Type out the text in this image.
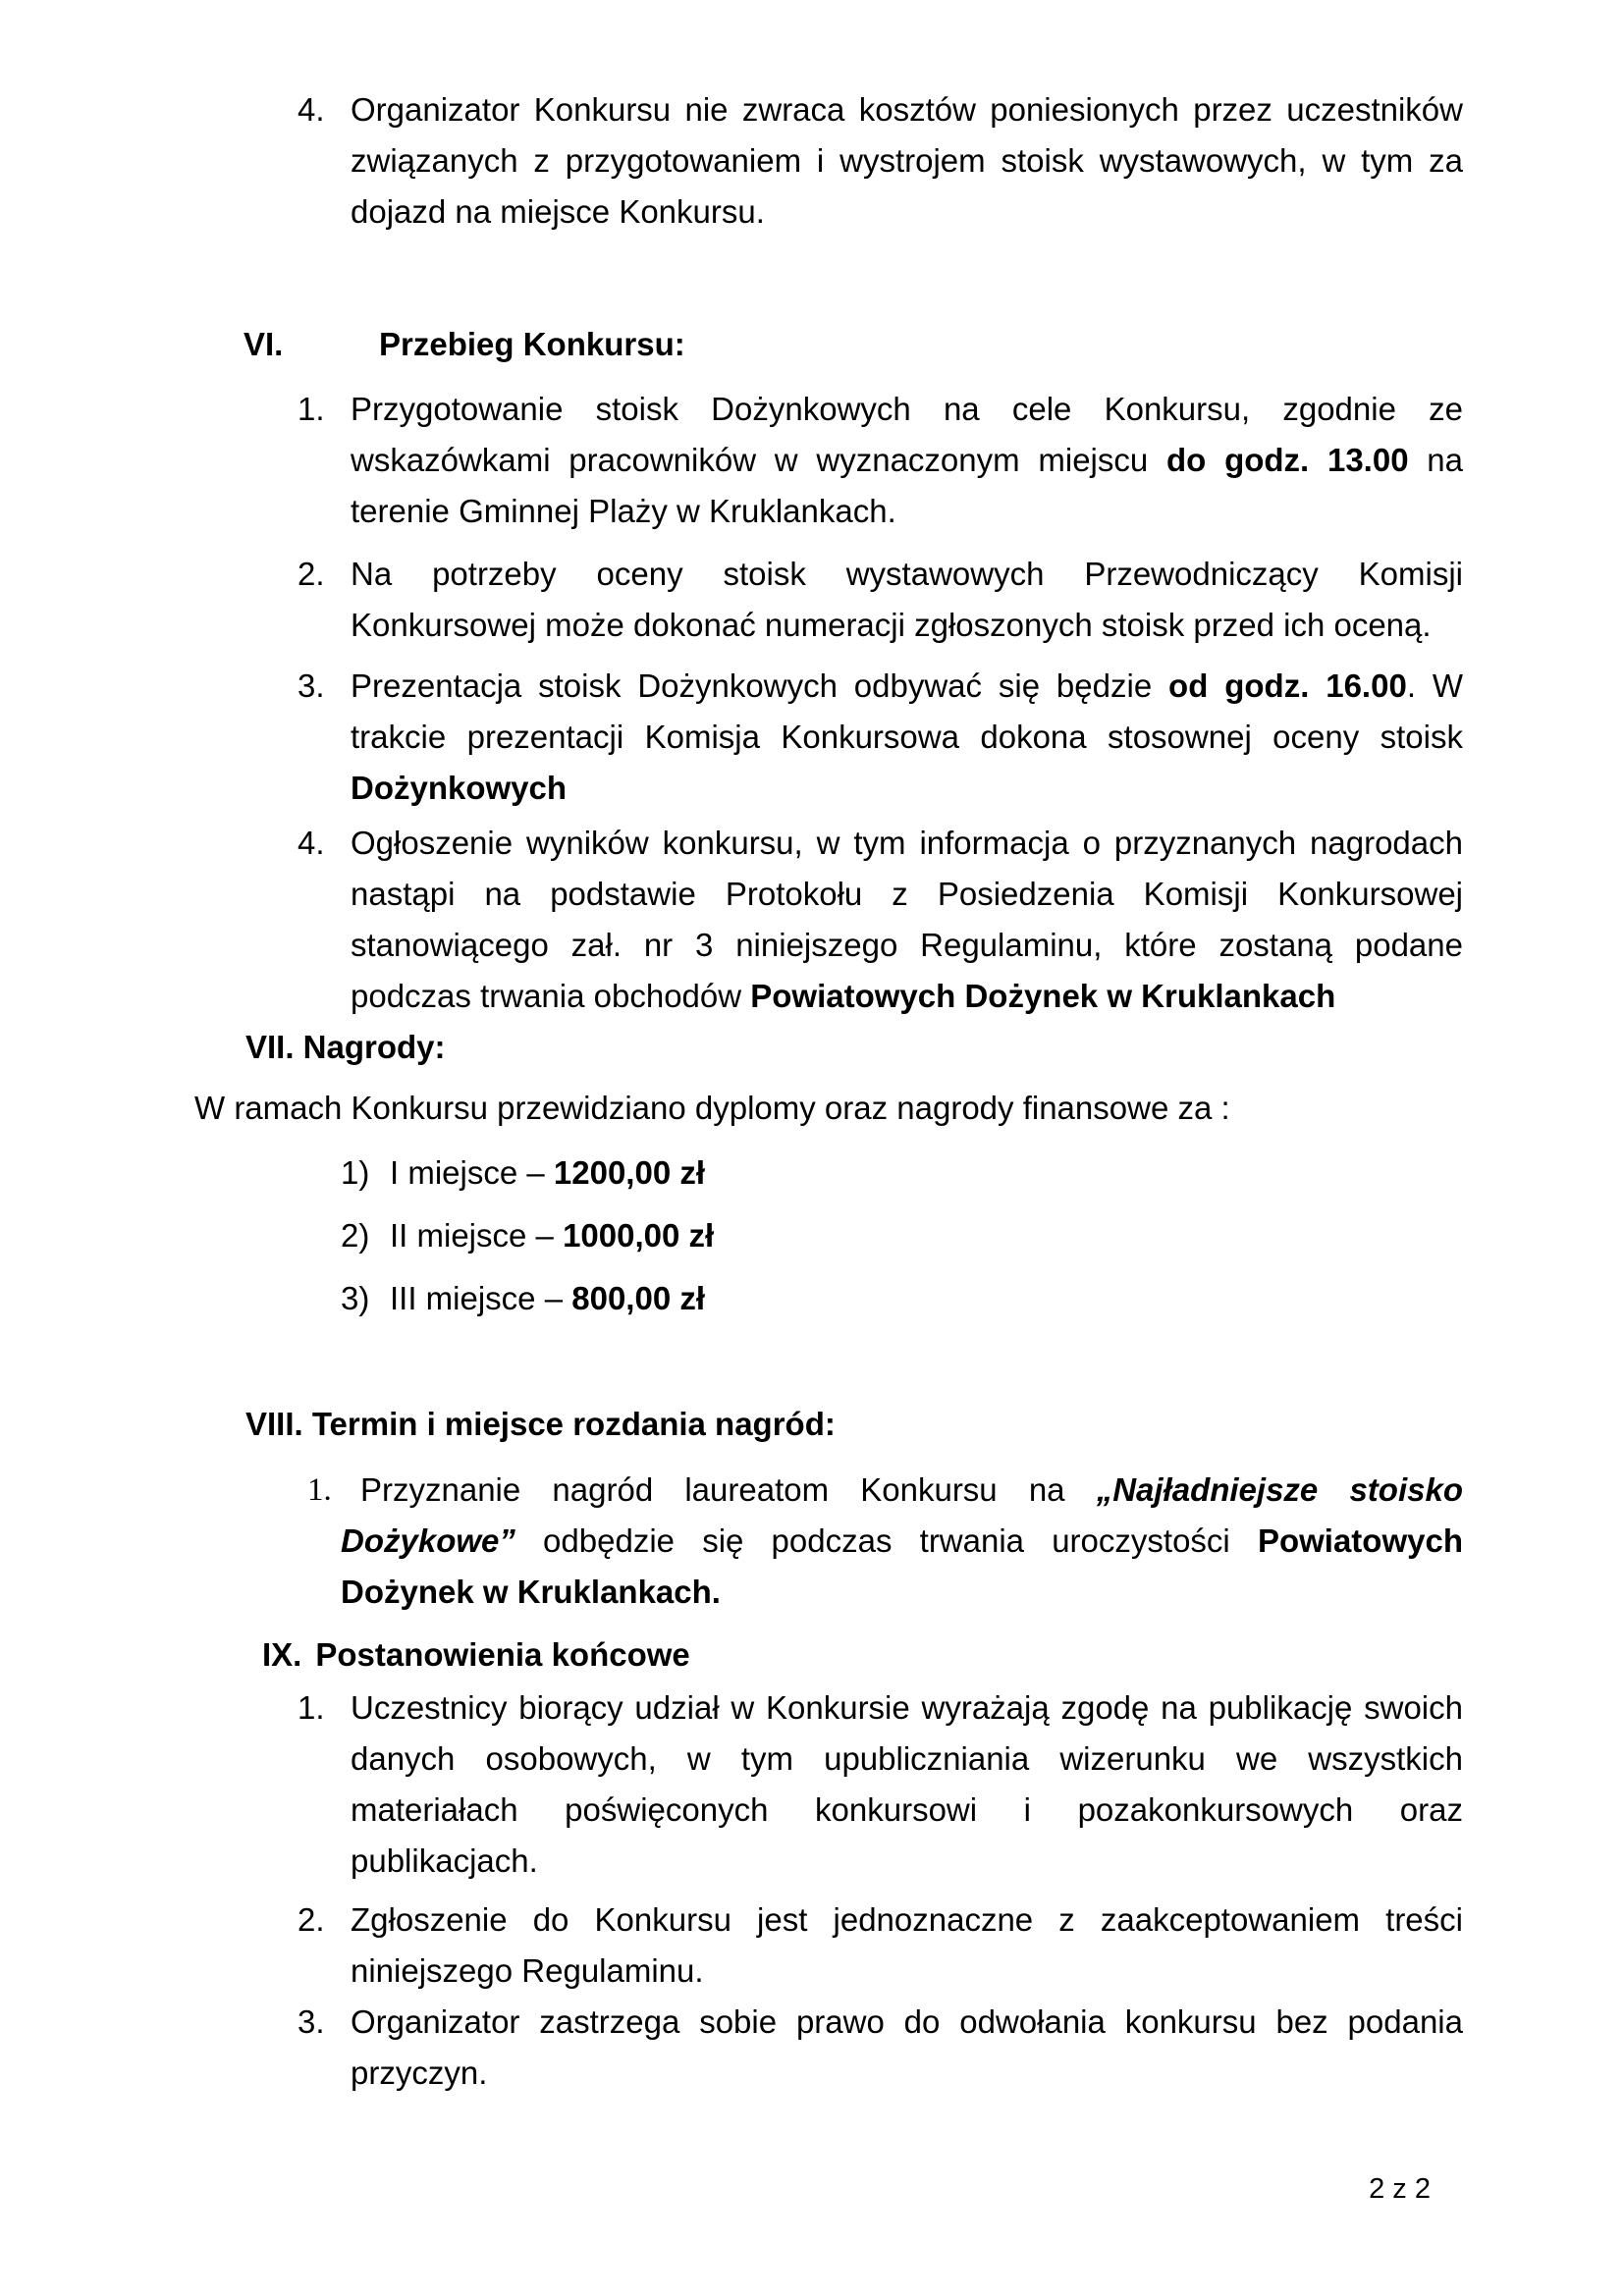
4. Organizator Konkursu nie zwraca kosztów poniesionych przez uczestników związanych z przygotowaniem i wystrojem stoisk wystawowych, w tym za dojazd na miejsce Konkursu.

VI.	Przebieg Konkursu:
1. Przygotowanie stoisk Dożynkowych na cele Konkursu, zgodnie ze wskazówkami pracowników w wyznaczonym miejscu do godz. 13.00 na terenie Gminnej Plaży w Kruklankach.

2. Na potrzeby oceny stoisk wystawowych Przewodniczący Komisji Konkursowej może dokonać numeracji zgłoszonych stoisk przed ich oceną.

3. Prezentacja stoisk Dożynkowych odbywać się będzie od godz. 16.00. W trakcie prezentacji Komisja Konkursowa dokona stosownej oceny stoisk Dożynkowych

4. Ogłoszenie wyników konkursu, w tym informacja o przyznanych nagrodach nastąpi na podstawie Protokołu z Posiedzenia Komisji Konkursowej stanowiącego zał. nr 3 niniejszego Regulaminu, które zostaną podane podczas trwania obchodów Powiatowych Dożynek w Kruklankach

VII. Nagrody:

W ramach Konkursu przewidziano dyplomy oraz nagrody finansowe za :

1) I miejsce – 1200,00 zł

2) II miejsce – 1000,00 zł

3) III miejsce – 800,00 zł

VIII. Termin i miejsce rozdania nagród:
1. Przyznanie nagród laureatom Konkursu na „Najładniejsze stoisko Dożykowe” odbędzie się podczas trwania uroczystości Powiatowych Dożynek w Kruklankach.

IX. Postanowienia końcowe
1. Uczestnicy biorący udział w Konkursie wyrażają zgodę na publikację swoich danych osobowych, w tym upubliczniania wizerunku we wszystkich materiałach poświęconych konkursowi i pozakonkursowych oraz publikacjach.

2. Zgłoszenie do Konkursu jest jednoznaczne z zaakceptowaniem treści niniejszego Regulaminu.

3. Organizator zastrzega sobie prawo do odwołania konkursu bez podania przyczyn.

2 z 2
